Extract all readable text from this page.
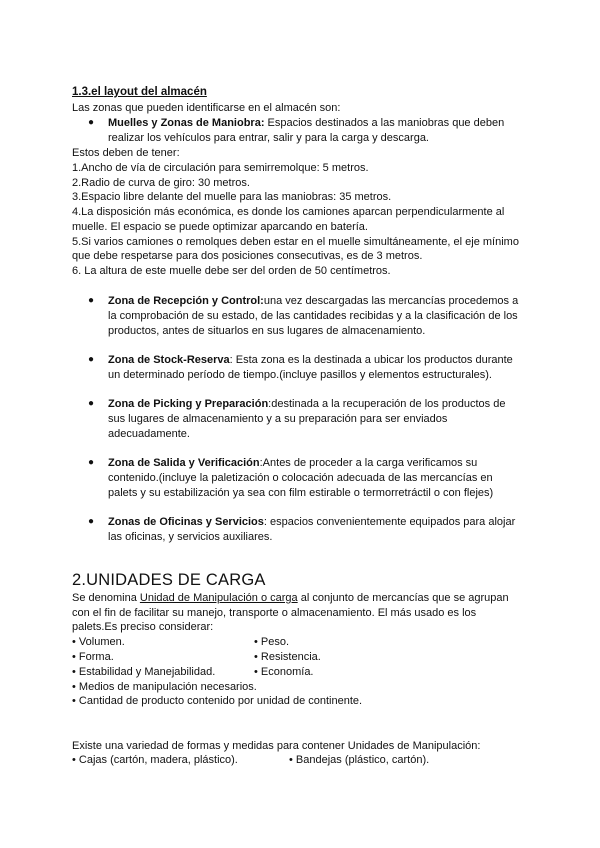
1.3.el layout del almacén
Las zonas que pueden identificarse en el almacén son:
● Muelles y Zonas de Maniobra: Espacios destinados a las maniobras que deben
realizar los vehículos para entrar, salir y para la carga y descarga.
Estos deben de tener:
1.Ancho de vía de circulación para semirremolque: 5 metros.
2.Radio de curva de giro: 30 metros.
3.Espacio libre delante del muelle para las maniobras: 35 metros.
4.La disposición más económica, es donde los camiones aparcan perpendicularmente al
muelle. El espacio se puede optimizar aparcando en batería.
5.Si varios camiones o remolques deben estar en el muelle simultáneamente, el eje mínimo
que debe respetarse para dos posiciones consecutivas, es de 3 metros.
6. La altura de este muelle debe ser del orden de 50 centímetros.
● Zona de Recepción y Control:una vez descargadas las mercancías procedemos a
la comprobación de su estado, de las cantidades recibidas y a la clasificación de los
productos, antes de situarlos en sus lugares de almacenamiento.
● Zona de Stock-Reserva: Esta zona es la destinada a ubicar los productos durante
un determinado período de tiempo.(incluye pasillos y elementos estructurales).
● Zona de Picking y Preparación:destinada a la recuperación de los productos de
sus lugares de almacenamiento y a su preparación para ser enviados
adecuadamente.
● Zona de Salida y Verificación:Antes de proceder a la carga verificamos su
contenido.(incluye la paletización o colocación adecuada de las mercancías en
palets y su estabilización ya sea con film estirable o termorretráctil o con flejes)
● Zonas de Oficinas y Servicios: espacios convenientemente equipados para alojar
las oficinas, y servicios auxiliares.
2.UNIDADES DE CARGA
Se denomina Unidad de Manipulación o carga al conjunto de mercancías que se agrupan
con el fin de facilitar su manejo, transporte o almacenamiento. El más usado es los
palets.Es preciso considerar:
• Volumen.	• Peso.
• Forma.	• Resistencia.
• Estabilidad y Manejabilidad.	• Economía.
• Medios de manipulación necesarios.
• Cantidad de producto contenido por unidad de continente.
Existe una variedad de formas y medidas para contener Unidades de Manipulación:
• Cajas (cartón, madera, plástico).	• Bandejas (plástico, cartón).
